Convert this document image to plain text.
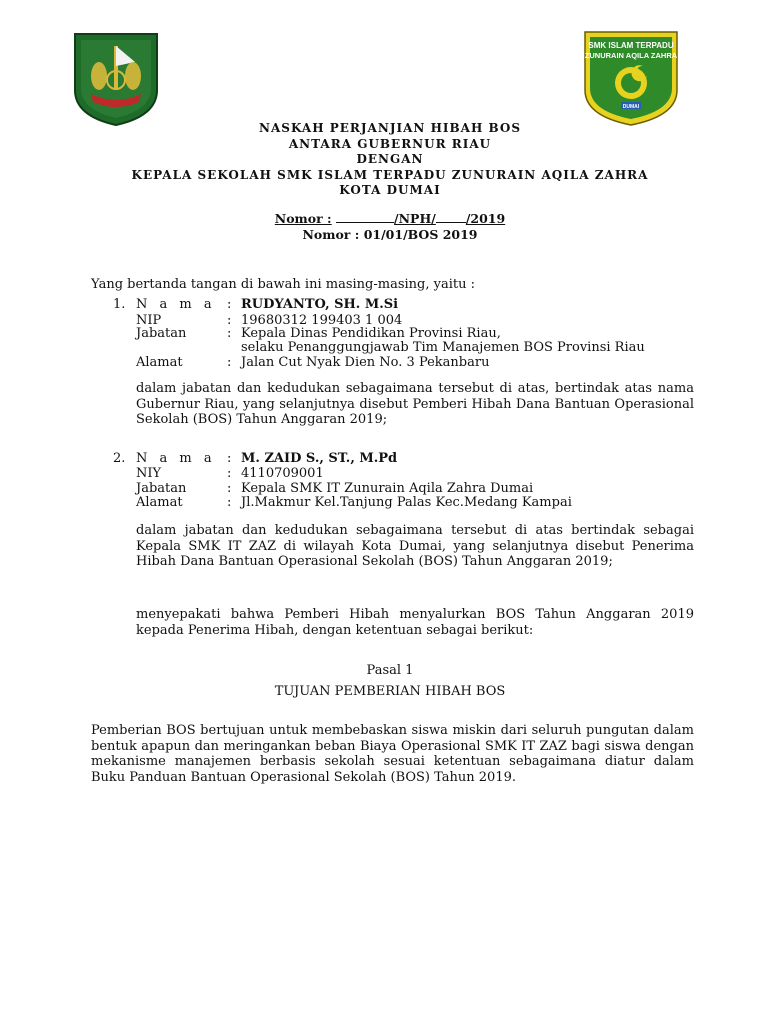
SMK ISLAM TERPADU
ZUNURAIN AQILA ZAHRA
DUMAI
NASKAH PERJANJIAN HIBAH BOS
ANTARA GUBERNUR RIAU
DENGAN
KEPALA SEKOLAH SMK ISLAM TERPADU ZUNURAIN AQILA ZAHRA
KOTA DUMAI
Nomor :	/NPH/ /2019
Nomor : 01/01/BOS 2019
Yang bertanda tangan di bawah ini masing-masing, yaitu :
1. N a m a : RUDYANTO, SH. M.Si
NIP	: 19680312 199403 1 004
Jabatan	: Kepala Dinas Pendidikan Provinsi Riau,
selaku Penanggungjawab Tim Manajemen BOS Provinsi Riau
Alamat	: Jalan Cut Nyak Dien No. 3 Pekanbaru
dalam jabatan dan kedudukan sebagaimana tersebut di atas, bertindak atas nama Gubernur Riau, yang selanjutnya disebut Pemberi Hibah Dana Bantuan Operasional Sekolah (BOS) Tahun Anggaran 2019;
2. N a m a : M. ZAID S., ST., M.Pd
NIY	: 4110709001
Jabatan	: Kepala SMK IT Zunurain Aqila Zahra Dumai
Alamat	: Jl.Makmur Kel.Tanjung Palas Kec.Medang Kampai
dalam jabatan dan kedudukan sebagaimana tersebut di atas bertindak sebagai Kepala SMK IT ZAZ di wilayah Kota Dumai, yang selanjutnya disebut Penerima Hibah Dana Bantuan Operasional Sekolah (BOS) Tahun Anggaran 2019;
menyepakati bahwa Pemberi Hibah menyalurkan BOS Tahun Anggaran 2019 kepada Penerima Hibah, dengan ketentuan sebagai berikut:
Pasal 1
TUJUAN PEMBERIAN HIBAH BOS
Pemberian BOS bertujuan untuk membebaskan siswa miskin dari seluruh pungutan dalam bentuk apapun dan meringankan beban Biaya Operasional SMK IT ZAZ bagi siswa dengan mekanisme manajemen berbasis sekolah sesuai ketentuan sebagaimana diatur dalam Buku Panduan Bantuan Operasional Sekolah (BOS) Tahun 2019.
